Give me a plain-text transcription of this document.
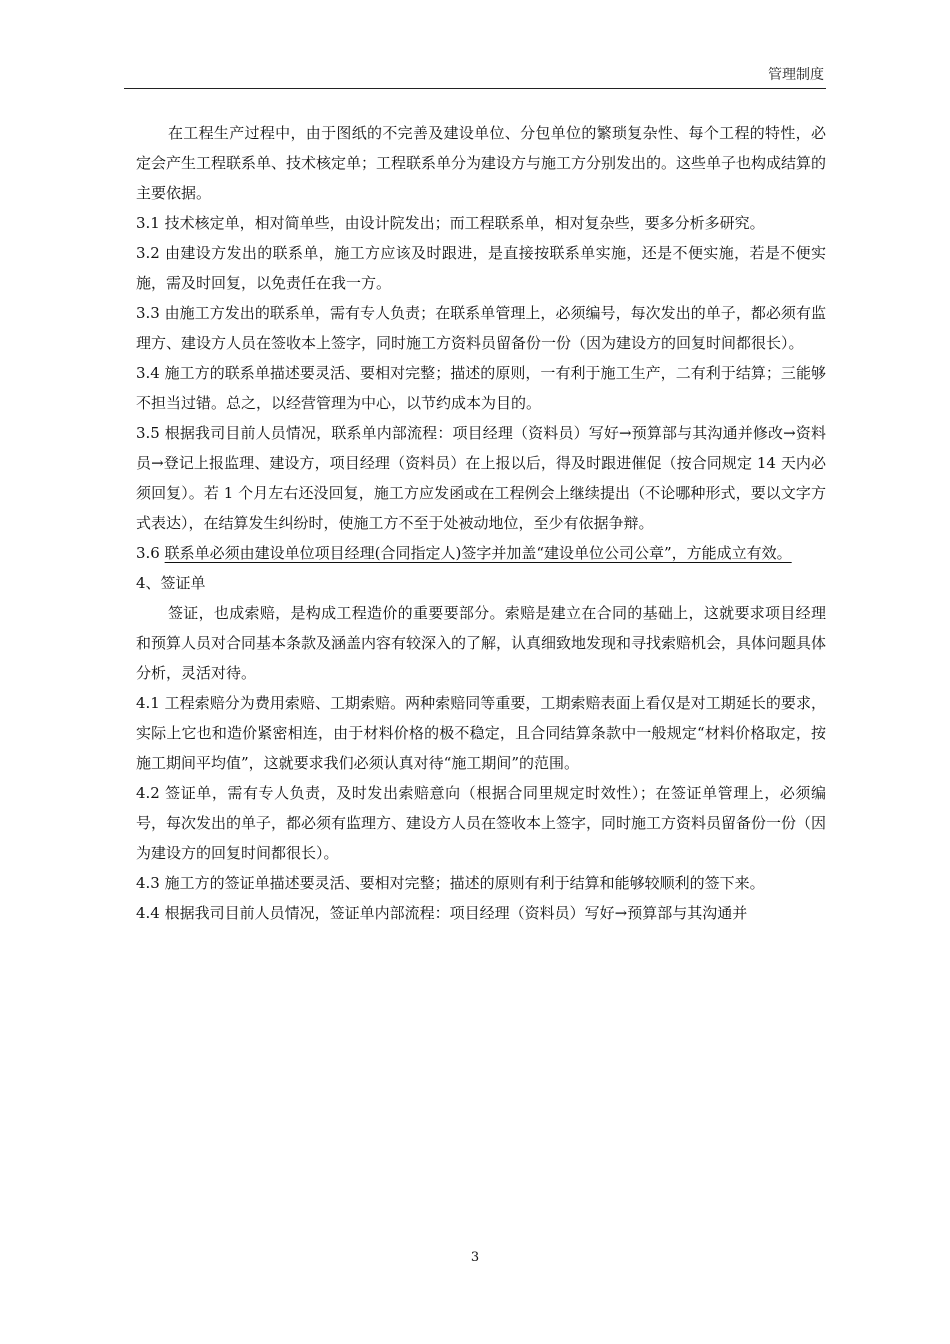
管理制度

在工程生产过程中，由于图纸的不完善及建设单位、分包单位的繁琐复杂性、每个工程的特性，必定会产生工程联系单、技术核定单；工程联系单分为建设方与施工方分别发出的。这些单子也构成结算的主要依据。

3.1 技术核定单，相对简单些，由设计院发出；而工程联系单，相对复杂些，要多分析多研究。

3.2 由建设方发出的联系单，施工方应该及时跟进，是直接按联系单实施，还是不便实施，若是不便实施，需及时回复，以免责任在我一方。

3.3 由施工方发出的联系单，需有专人负责；在联系单管理上，必须编号，每次发出的单子，都必须有监理方、建设方人员在签收本上签字，同时施工方资料员留备份一份（因为建设方的回复时间都很长）。

3.4 施工方的联系单描述要灵活、要相对完整；描述的原则，一有利于施工生产，二有利于结算；三能够不担当过错。总之，以经营管理为中心，以节约成本为目的。

3.5 根据我司目前人员情况，联系单内部流程：项目经理（资料员）写好→预算部与其沟通并修改→资料员→登记上报监理、建设方，项目经理（资料员）在上报以后，得及时跟进催促（按合同规定 14 天内必须回复）。若 1 个月左右还没回复，施工方应发函或在工程例会上继续提出（不论哪种形式，要以文字方式表达），在结算发生纠纷时，使施工方不至于处被动地位，至少有依据争辩。

3.6 联系单必须由建设单位项目经理(合同指定人)签字并加盖“建设单位公司公章”，方能成立有效。

4、签证单

签证，也成索赔，是构成工程造价的重要要部分。索赔是建立在合同的基础上，这就要求项目经理和预算人员对合同基本条款及涵盖内容有较深入的了解，认真细致地发现和寻找索赔机会，具体问题具体分析，灵活对待。

4.1 工程索赔分为费用索赔、工期索赔。两种索赔同等重要，工期索赔表面上看仅是对工期延长的要求，实际上它也和造价紧密相连，由于材料价格的极不稳定，且合同结算条款中一般规定“材料价格取定，按施工期间平均值”，这就要求我们必须认真对待“施工期间”的范围。

4.2 签证单，需有专人负责，及时发出索赔意向（根据合同里规定时效性）；在签证单管理上，必须编号，每次发出的单子，都必须有监理方、建设方人员在签收本上签字，同时施工方资料员留备份一份（因为建设方的回复时间都很长）。

4.3 施工方的签证单描述要灵活、要相对完整；描述的原则有利于结算和能够较顺利的签下来。

4.4 根据我司目前人员情况，签证单内部流程：项目经理（资料员）写好→预算部与其沟通并

3
